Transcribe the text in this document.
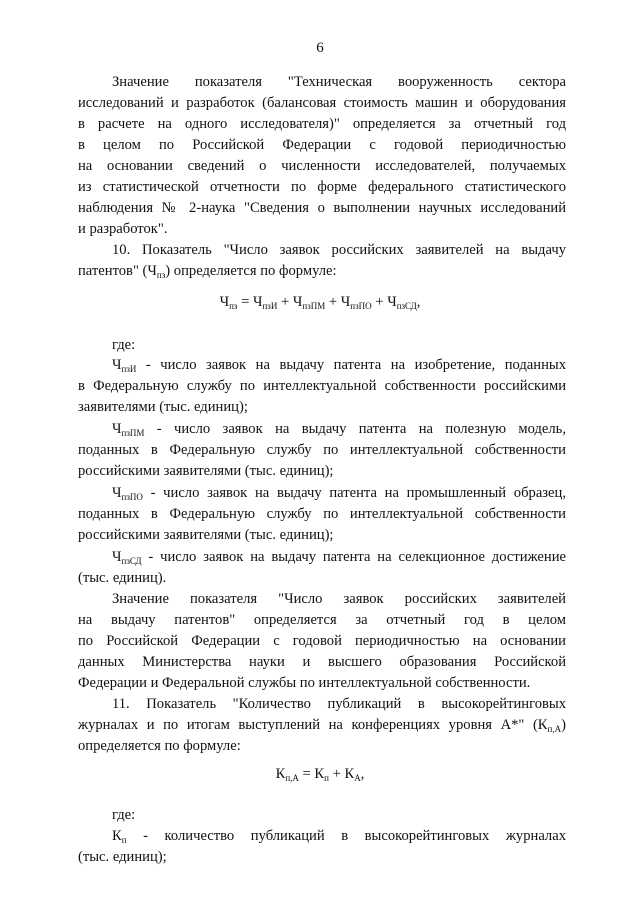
6
Значение показателя "Техническая вооруженность сектора
исследований и разработок (балансовая стоимость машин и оборудования
в расчете на одного исследователя)" определяется за отчетный год
в целом по Российской Федерации с годовой периодичностью
на основании сведений о численности исследователей, получаемых
из статистической отчетности по форме федерального статистического
наблюдения № 2-наука "Сведения о выполнении научных исследований
и разработок".
10. Показатель "Число заявок российских заявителей на выдачу
патентов" $(Ч_{пз})$ определяется по формуле:
$Ч_{пз} = Ч_{пзИ} + Ч_{пзПМ} + Ч_{пзПО} + Ч_{пзСД}$,
где:
$Ч_{пзИ}$ - число заявок на выдачу патента на изобретение, поданных
в Федеральную службу по интеллектуальной собственности российскими
заявителями (тыс. единиц);
$Ч_{пзПМ}$ - число заявок на выдачу патента на полезную модель,
поданных в Федеральную службу по интеллектуальной собственности
российскими заявителями (тыс. единиц);
$Ч_{пзПО}$ - число заявок на выдачу патента на промышленный образец,
поданных в Федеральную службу по интеллектуальной собственности
российскими заявителями (тыс. единиц);
$Ч_{пзСД}$ - число заявок на выдачу патента на селекционное достижение
(тыс. единиц).
Значение показателя "Число заявок российских заявителей
на выдачу патентов" определяется за отчетный год в целом
по Российской Федерации с годовой периодичностью на основании
данных Министерства науки и высшего образования Российской
Федерации и Федеральной службы по интеллектуальной собственности.
11. Показатель "Количество публикаций в высокорейтинговых
журналах и по итогам выступлений на конференциях уровня А*" $(К_{п,А})$
определяется по формуле:
$К_{п,А} = К_п + К_А$,
где:
$К_п$ - количество публикаций в высокорейтинговых журналах
(тыс. единиц);
